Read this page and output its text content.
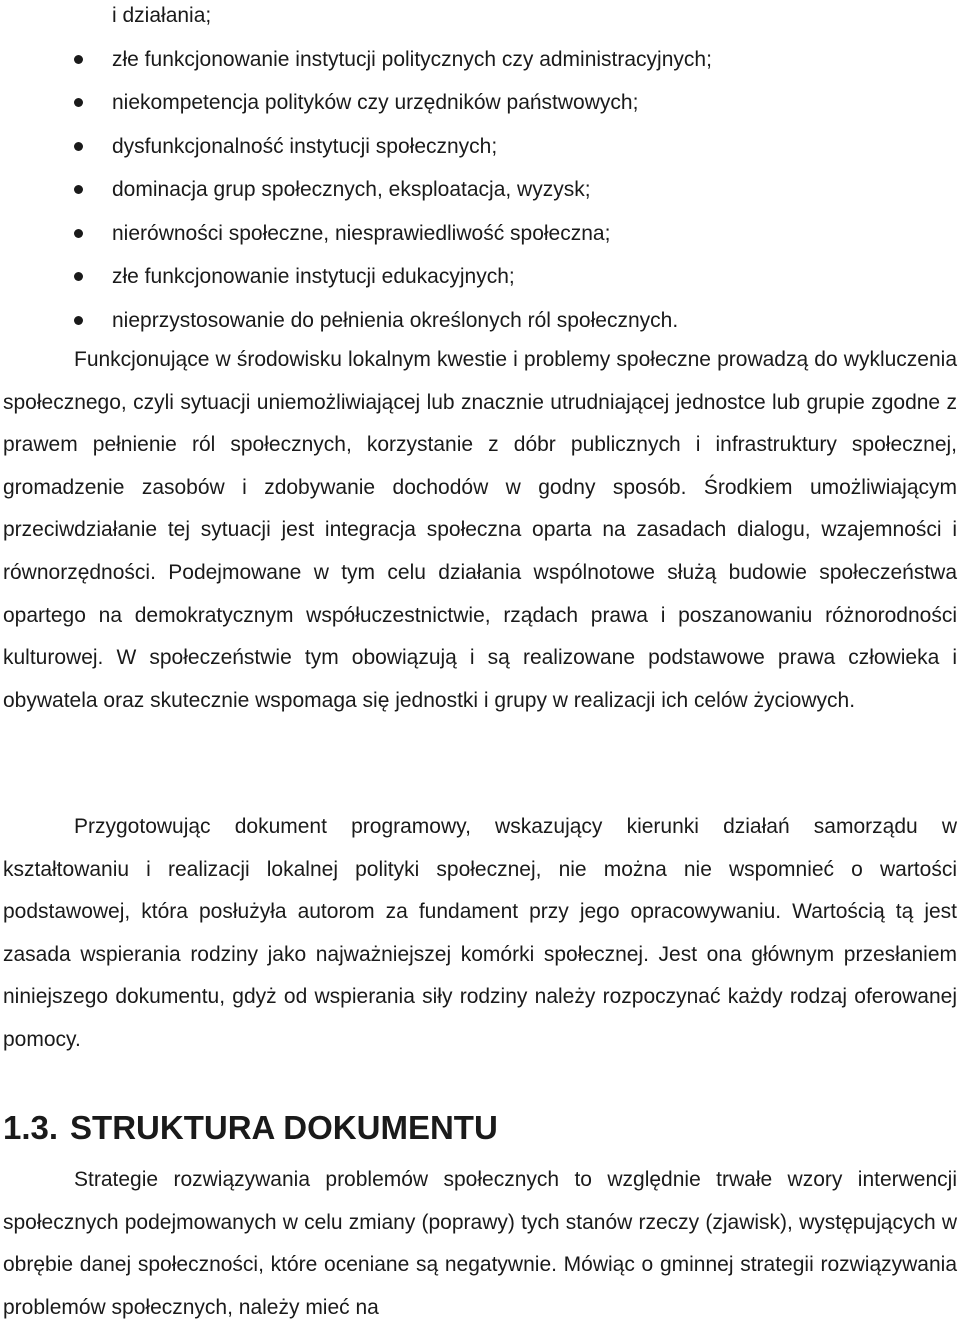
i działania;
złe funkcjonowanie instytucji politycznych czy administracyjnych;
niekompetencja polityków czy urzędników państwowych;
dysfunkcjonalność instytucji społecznych;
dominacja grup społecznych, eksploatacja, wyzysk;
nierówności społeczne, niesprawiedliwość społeczna;
złe funkcjonowanie instytucji edukacyjnych;
nieprzystosowanie do pełnienia określonych ról społecznych.

Funkcjonujące w środowisku lokalnym kwestie i problemy społeczne prowadzą do wykluczenia społecznego, czyli sytuacji uniemożliwiającej lub znacznie utrudniającej jednostce lub grupie zgodne z prawem pełnienie ról społecznych, korzystanie z dóbr publicznych i infrastruktury społecznej, gromadzenie zasobów i zdobywanie dochodów w godny sposób. Środkiem umożliwiającym przeciwdziałanie tej sytuacji jest integracja społeczna oparta na zasadach dialogu, wzajemności i równorzędności. Podejmowane w tym celu działania wspólnotowe służą budowie społeczeństwa opartego na demokratycznym współuczestnictwie, rządach prawa i poszanowaniu różnorodności kulturowej. W społeczeństwie tym obowiązują i są realizowane podstawowe prawa człowieka i obywatela oraz skutecznie wspomaga się jednostki i grupy w realizacji ich celów życiowych.

Przygotowując dokument programowy, wskazujący kierunki działań samorządu w kształtowaniu i realizacji lokalnej polityki społecznej, nie można nie wspomnieć o wartości podstawowej, która posłużyła autorom za fundament przy jego opracowywaniu. Wartością tą jest zasada wspierania rodziny jako najważniejszej komórki społecznej. Jest ona głównym przesłaniem niniejszego dokumentu, gdyż od wspierania siły rodziny należy rozpoczynać każdy rodzaj oferowanej pomocy.

1.3. STRUKTURA DOKUMENTU

Strategie rozwiązywania problemów społecznych to względnie trwałe wzory interwencji społecznych podejmowanych w celu zmiany (poprawy) tych stanów rzeczy (zjawisk), występujących w obrębie danej społeczności, które oceniane są negatywnie. Mówiąc o gminnej strategii rozwiązywania problemów społecznych, należy mieć na
